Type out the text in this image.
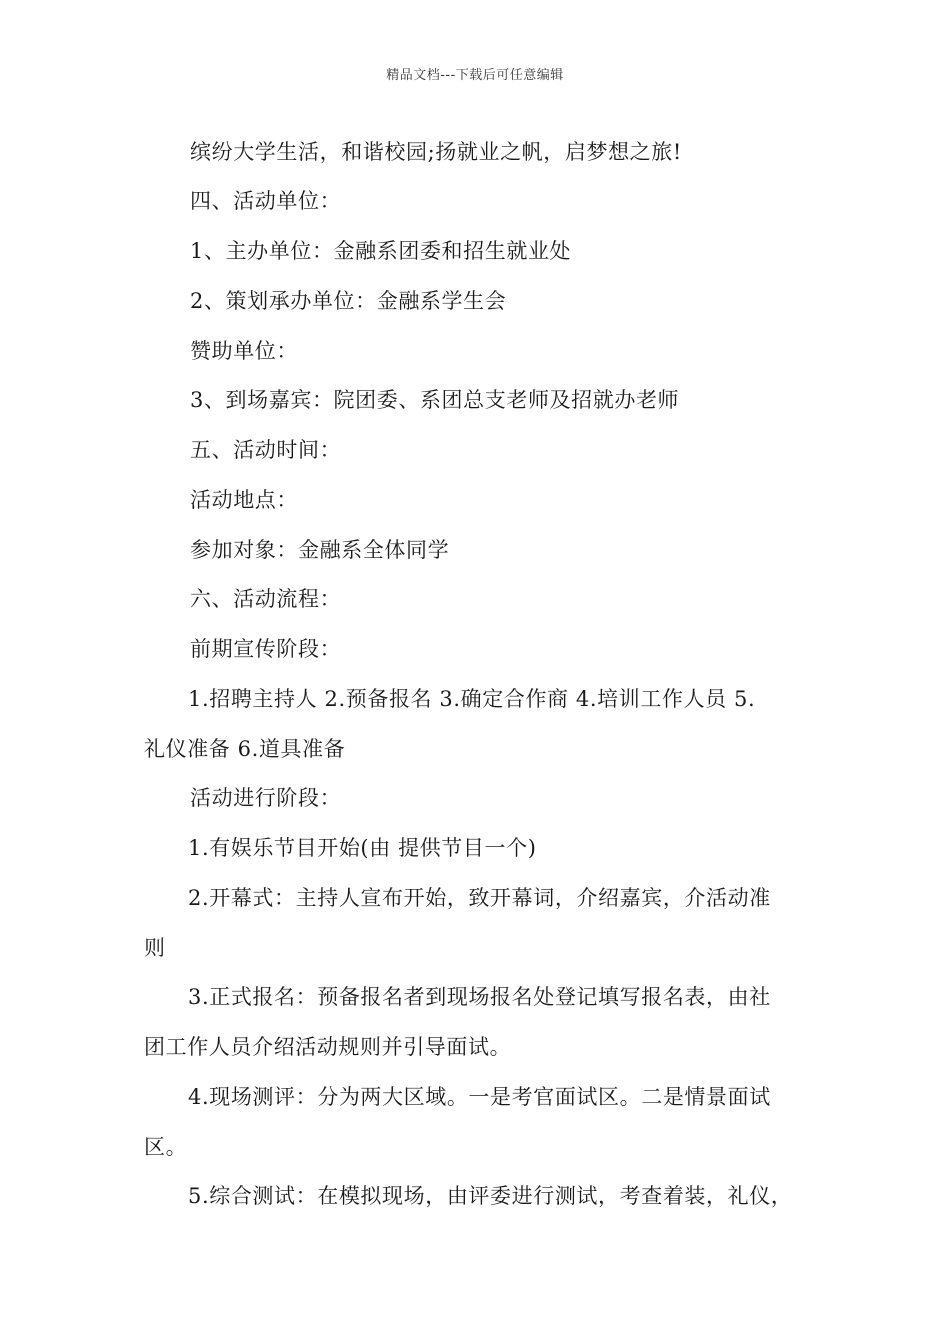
精品文档---下载后可任意编辑
缤纷大学生活，和谐校园;扬就业之帆，启梦想之旅!
四、活动单位：
1、主办单位：金融系团委和招生就业处
2、策划承办单位：金融系学生会
赞助单位：
3、到场嘉宾：院团委、系团总支老师及招就办老师
五、活动时间：
活动地点：
参加对象：金融系全体同学
六、活动流程：
前期宣传阶段：
1.招聘主持人 2.预备报名 3.确定合作商 4.培训工作人员 5.
礼仪准备 6.道具准备
活动进行阶段：
1.有娱乐节目开始(由 提供节目一个)
2.开幕式：主持人宣布开始，致开幕词，介绍嘉宾，介活动准
则
3.正式报名：预备报名者到现场报名处登记填写报名表，由社
团工作人员介绍活动规则并引导面试。
4.现场测评：分为两大区域。一是考官面试区。二是情景面试
区。
5.综合测试：在模拟现场，由评委进行测试，考查着装，礼仪，
